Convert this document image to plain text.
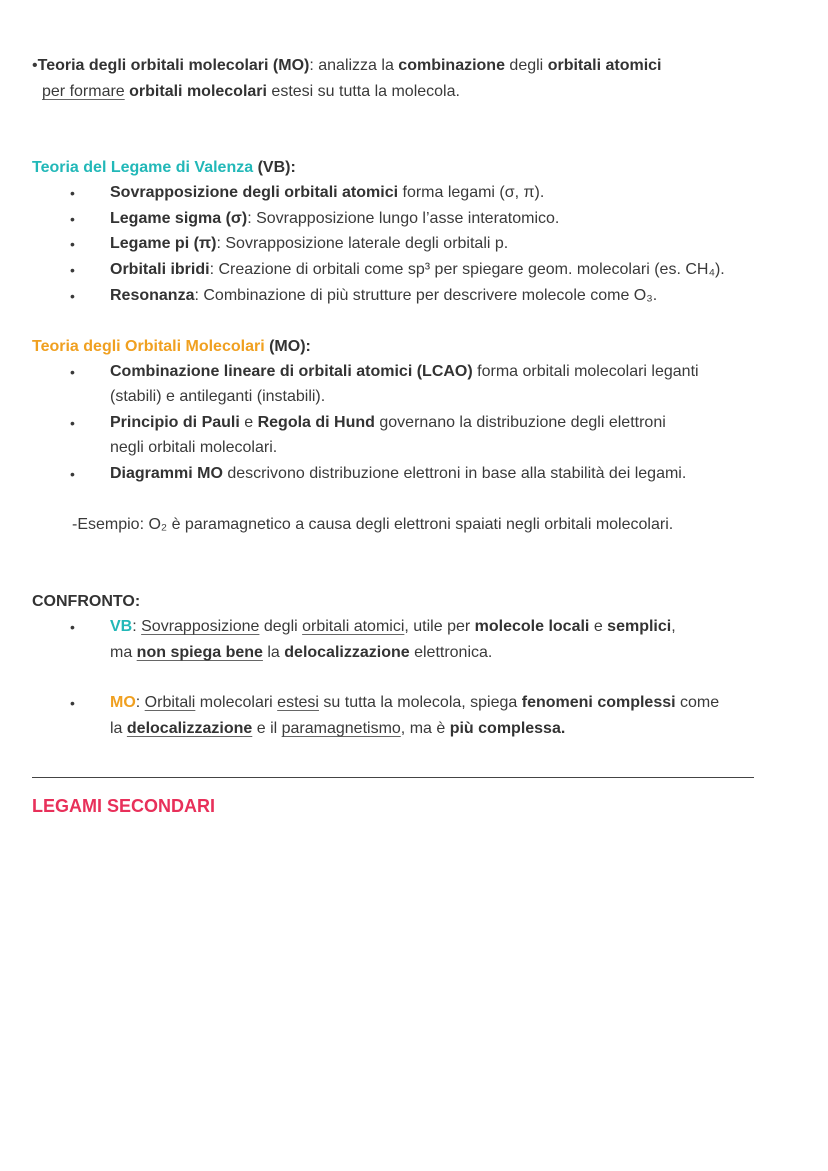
•Teoria degli orbitali molecolari (MO): analizza la combinazione degli orbitali atomici
per formare orbitali molecolari estesi su tutta la molecola.
Teoria del Legame di Valenza (VB):
• Sovrapposizione degli orbitali atomici forma legami (σ, π).
• Legame sigma (σ): Sovrapposizione lungo l’asse interatomico.
• Legame pi (π): Sovrapposizione laterale degli orbitali p.
• Orbitali ibridi: Creazione di orbitali come sp³ per spiegare geom. molecolari (es. CH₄).
• Resonanza: Combinazione di più strutture per descrivere molecole come O₃.
Teoria degli Orbitali Molecolari (MO):
• Combinazione lineare di orbitali atomici (LCAO) forma orbitali molecolari leganti
(stabili) e antileganti (instabili).
• Principio di Pauli e Regola di Hund governano la distribuzione degli elettroni
negli orbitali molecolari.
• Diagrammi MO descrivono distribuzione elettroni in base alla stabilità dei legami.
-Esempio: O₂ è paramagnetico a causa degli elettroni spaiati negli orbitali molecolari.
CONFRONTO:
• VB: Sovrapposizione degli orbitali atomici, utile per molecole locali e semplici,
ma non spiega bene la delocalizzazione elettronica.
• MO: Orbitali molecolari estesi su tutta la molecola, spiega fenomeni complessi come
la delocalizzazione e il paramagnetismo, ma è più complessa.
LEGAMI SECONDARI
